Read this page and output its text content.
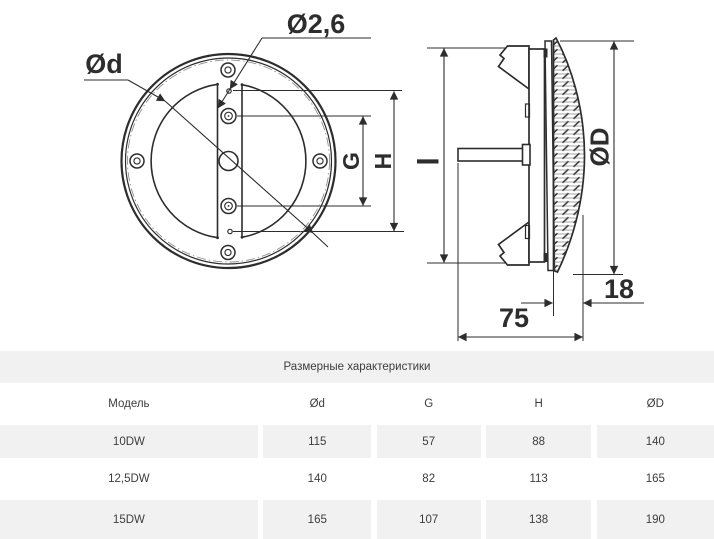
Ø2,6
Ød
G H l	ØD
18
75
Размерные характеристики
Модель	Ød	G	H	ØD
10DW	115	57	88	140
12,5DW	140	82	113	165
15DW	165	107	138	190
